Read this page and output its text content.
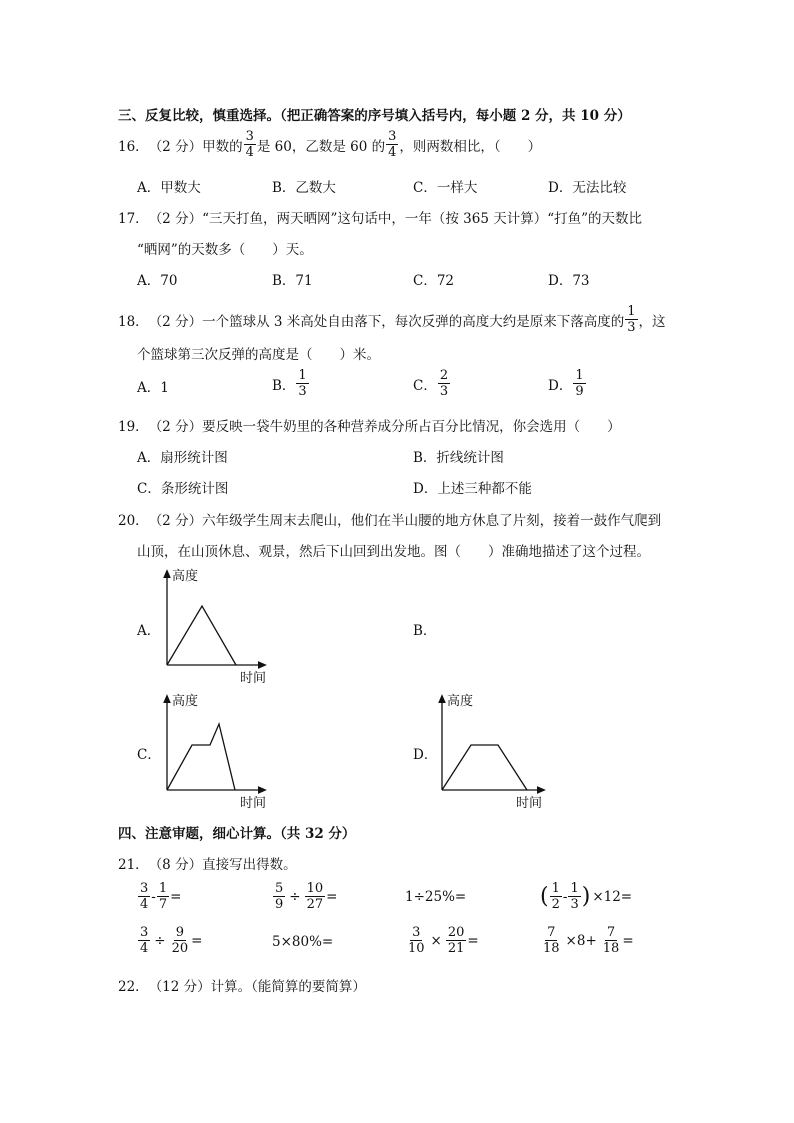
三、反复比较，慎重选择。（把正确答案的序号填入括号内，每小题 2 分，共 10 分）
16． （2 分） 甲数的 $\frac{3}{4}$ 是 60，乙数是 60 的 $\frac{3}{4}$ ，则两数相比，（　　）
A．甲数大	B．乙数大	C．一样大	D．无法比较
17． （2 分）“三天打鱼，两天晒网”这句话中，一年（按 365 天计算）“打鱼”的天数比
“晒网”的天数多（　　）天。
A．70	B．71	C．72	D．73
18． （2 分）一个篮球从 3 米高处自由落下，每次反弹的高度大约是原来下落高度的 $\frac{1}{3}$ ，这
个篮球第三次反弹的高度是（　　）米。
A．1	B． $\frac{1}{3}$	C． $\frac{2}{3}$	D． $\frac{1}{9}$
19． （2 分）要反映一袋牛奶里的各种营养成分所占百分比情况，你会选用（　　）
A．扇形统计图	B．折线统计图
C．条形统计图	D．上述三种都不能
20． （2 分）六年级学生周末去爬山，他们在半山腰的地方休息了片刻，接着一鼓作气爬到
山顶，在山顶休息、观景，然后下山回到出发地。图（　　）准确地描述了这个过程。
A．	B．
C．	D．
高度
时间
高度
时间
高度
时间
四、注意审题，细心计算。（共 32 分）
21． （8 分）直接写出得数。
$\frac{3}{4} - \frac{1}{7}$ =	$\frac{5}{9} \div \frac{10}{27}$ =	1÷25%=	( $\frac{1}{2} - \frac{1}{3}$ ) ×12=
$\frac{3}{4} \div \frac{9}{20}$ =	5×80%=	$\frac{3}{10} \times \frac{20}{21}$ =	$\frac{7}{18} \times 8+ \frac{7}{18}$ =
22． （12 分）计算。（能简算的要简算）
